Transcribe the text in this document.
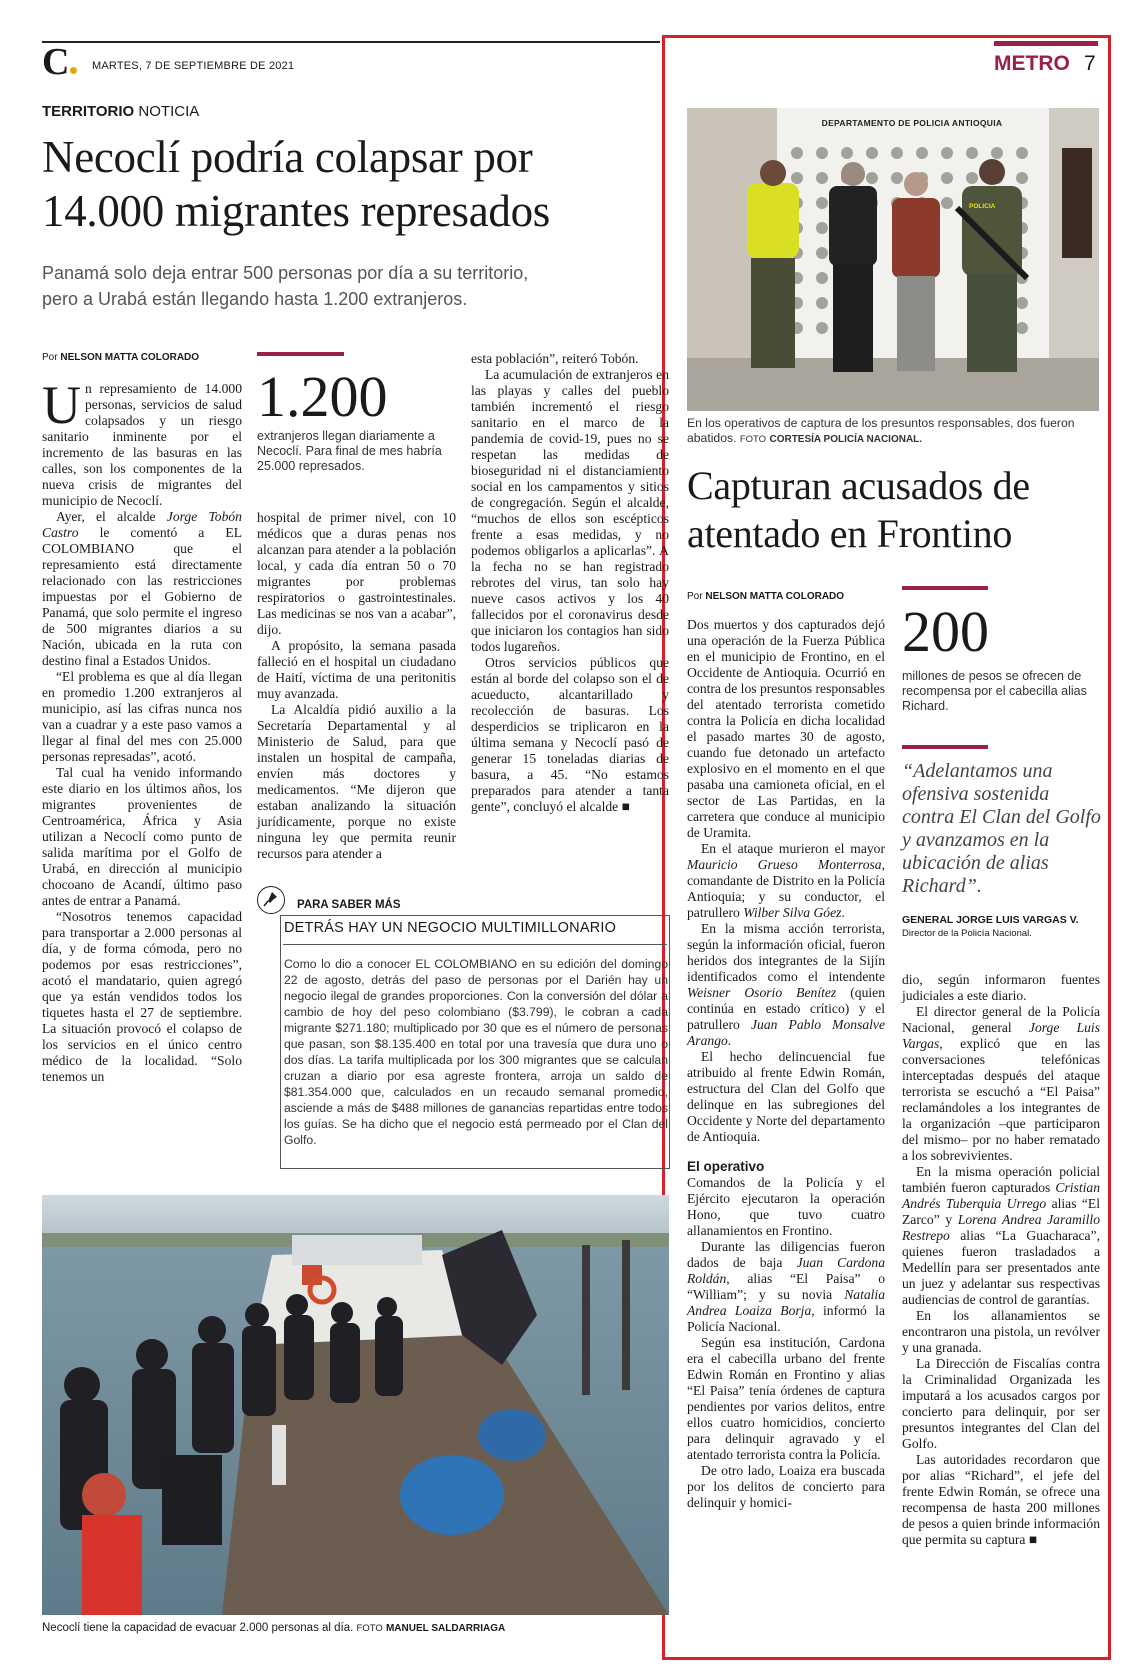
C	MARTES, 7 DE SEPTIEMBRE DE 2021	METRO 7
TERRITORIO NOTICIA
Necoclí podría colapsar por
14.000 migrantes represados
Panamá solo deja entrar 500 personas por día a su territorio,
pero a Urabá están llegando hasta 1.200 extranjeros.
Por NELSON MATTA COLORADO

Un represamiento de 14.000 personas, servicios de salud colapsados y un riesgo sanitario inminente por el incremento de las basuras en las calles, son los componentes de la nueva crisis de migrantes del municipio de Necoclí.

Ayer, el alcalde Jorge Tobón Castro le comentó a EL COLOMBIANO que el represamiento está directamente relacionado con las restricciones impuestas por el Gobierno de Panamá, que solo permite el ingreso de 500 migrantes diarios a su Nación, ubicada en la ruta con destino final a Estados Unidos.

“El problema es que al día llegan en promedio 1.200 extranjeros al municipio, así las cifras nunca nos van a cuadrar y a este paso vamos a llegar al final del mes con 25.000 personas represadas”, acotó.

Tal cual ha venido informando este diario en los últimos años, los migrantes provenientes de Centroamérica, África y Asia utilizan a Necoclí como punto de salida marítima por el Golfo de Urabá, en dirección al municipio chocoano de Acandí, último paso antes de entrar a Panamá.

“Nosotros tenemos capacidad para transportar a 2.000 personas al día, y de forma cómoda, pero no podemos por esas restricciones”, acotó el mandatario, quien agregó que ya están vendidos todos los tiquetes hasta el 27 de septiembre. La situación provocó el colapso de los servicios en el único centro médico de la localidad. “Solo tenemos un

1.200
extranjeros llegan diariamente a Necoclí. Para final de mes habría 25.000 represados.

hospital de primer nivel, con 10 médicos que a duras penas nos alcanzan para atender a la población local, y cada día entran 50 o 70 migrantes por problemas respiratorios o gastrointestinales. Las medicinas se nos van a acabar”, dijo.

A propósito, la semana pasada falleció en el hospital un ciudadano de Haití, víctima de una peritonitis muy avanzada.

La Alcaldía pidió auxilio a la Secretaría Departamental y al Ministerio de Salud, para que instalen un hospital de campaña, envíen más doctores y medicamentos. “Me dijeron que estaban analizando la situación jurídicamente, porque no existe ninguna ley que permita reunir recursos para atender a

esta población”, reiteró Tobón.

La acumulación de extranjeros en las playas y calles del pueblo también incrementó el riesgo sanitario en el marco de la pandemia de covid-19, pues no se respetan las medidas de bioseguridad ni el distanciamiento social en los campamentos y sitios de congregación. Según el alcalde, “muchos de ellos son escépticos frente a esas medidas, y no podemos obligarlos a aplicarlas”. A la fecha no se han registrado rebrotes del virus, tan solo hay nueve casos activos y los 40 fallecidos por el coronavirus desde que iniciaron los contagios han sido todos lugareños.

Otros servicios públicos que están al borde del colapso son el de acueducto, alcantarillado y recolección de basuras. Los desperdicios se triplicaron en la última semana y Necoclí pasó de generar 15 toneladas diarias de basura, a 45. “No estamos preparados para atender a tanta gente”, concluyó el alcalde ■

PARA SABER MÁS
DETRÁS HAY UN NEGOCIO MULTIMILLONARIO
Como lo dio a conocer EL COLOMBIANO en su edición del domingo 22 de agosto, detrás del paso de personas por el Darién hay un negocio ilegal de grandes proporciones. Con la conversión del dólar a cambio de hoy del peso colombiano ($3.799), le cobran a cada migrante $271.180; multiplicado por 30 que es el número de personas que pasan, son $8.135.400 en total por una travesía que dura uno o dos días. La tarifa multiplicada por los 300 migrantes que se calculan cruzan a diario por esa agreste frontera, arroja un saldo de $81.354.000 que, calculados en un recaudo semanal promedio, asciende a más de $488 millones de ganancias repartidas entre todos los guías. Se ha dicho que el negocio está permeado por el Clan del Golfo.
Necoclí tiene la capacidad de evacuar 2.000 personas al día. FOTO MANUEL SALDARRIAGA
DEPARTAMENTO DE POLICIA ANTIOQUIA
POLICIA
En los operativos de captura de los presuntos responsables, dos fueron abatidos. FOTO CORTESÍA POLICÍA NACIONAL.
Capturan acusados de
atentado en Frontino
Por NELSON MATTA COLORADO

Dos muertos y dos capturados dejó una operación de la Fuerza Pública en el municipio de Frontino, en el Occidente de Antioquia. Ocurrió en contra de los presuntos responsables del atentado terrorista cometido contra la Policía en dicha localidad el pasado martes 30 de agosto, cuando fue detonado un artefacto explosivo en el momento en el que pasaba una camioneta oficial, en el sector de Las Partidas, en la carretera que conduce al municipio de Uramita.

En el ataque murieron el mayor Mauricio Grueso Monterrosa, comandante de Distrito en la Policía Antioquia; y su conductor, el patrullero Wilber Silva Góez.

En la misma acción terrorista, según la información oficial, fueron heridos dos integrantes de la Sijín identificados como el intendente Weisner Osorio Benítez (quien continúa en estado crítico) y el patrullero Juan Pablo Monsalve Arango.

El hecho delincuencial fue atribuido al frente Edwin Román, estructura del Clan del Golfo que delinque en las subregiones del Occidente y Norte del departamento de Antioquia.

El operativo

Comandos de la Policía y el Ejército ejecutaron la operación Hono, que tuvo cuatro allanamientos en Frontino.

Durante las diligencias fueron dados de baja Juan Cardona Roldán, alias “El Paisa” o “William”; y su novia Natalia Andrea Loaiza Borja, informó la Policía Nacional.

Según esa institución, Cardona era el cabecilla urbano del frente Edwin Román en Frontino y alias “El Paisa” tenía órdenes de captura pendientes por varios delitos, entre ellos cuatro homicidios, concierto para delinquir agravado y el atentado terrorista contra la Policía.

De otro lado, Loaiza era buscada por los delitos de concierto para delinquir y homici-

200
millones de pesos se ofrecen de recompensa por el cabecilla alias Richard.
“Adelantamos una ofensiva sostenida contra El Clan del Golfo y avanzamos en la ubicación de alias Richard”.
GENERAL JORGE LUIS VARGAS V.
Director de la Policía Nacional.

dio, según informaron fuentes judiciales a este diario.

El director general de la Policía Nacional, general Jorge Luis Vargas, explicó que en las conversaciones telefónicas interceptadas después del ataque terrorista se escuchó a “El Paisa” reclamándoles a los integrantes de la organización –que participaron del mismo– por no haber rematado a los sobrevivientes.

En la misma operación policial también fueron capturados Cristian Andrés Tuberquia Urrego alias “El Zarco” y Lorena Andrea Jaramillo Restrepo alias “La Guacharaca”, quienes fueron trasladados a Medellín para ser presentados ante un juez y adelantar sus respectivas audiencias de control de garantías.

En los allanamientos se encontraron una pistola, un revólver y una granada.

La Dirección de Fiscalías contra la Criminalidad Organizada les imputará a los acusados cargos por concierto para delinquir, por ser presuntos integrantes del Clan del Golfo.

Las autoridades recordaron que por alias “Richard”, el jefe del frente Edwin Román, se ofrece una recompensa de hasta 200 millones de pesos a quien brinde información que permita su captura ■
